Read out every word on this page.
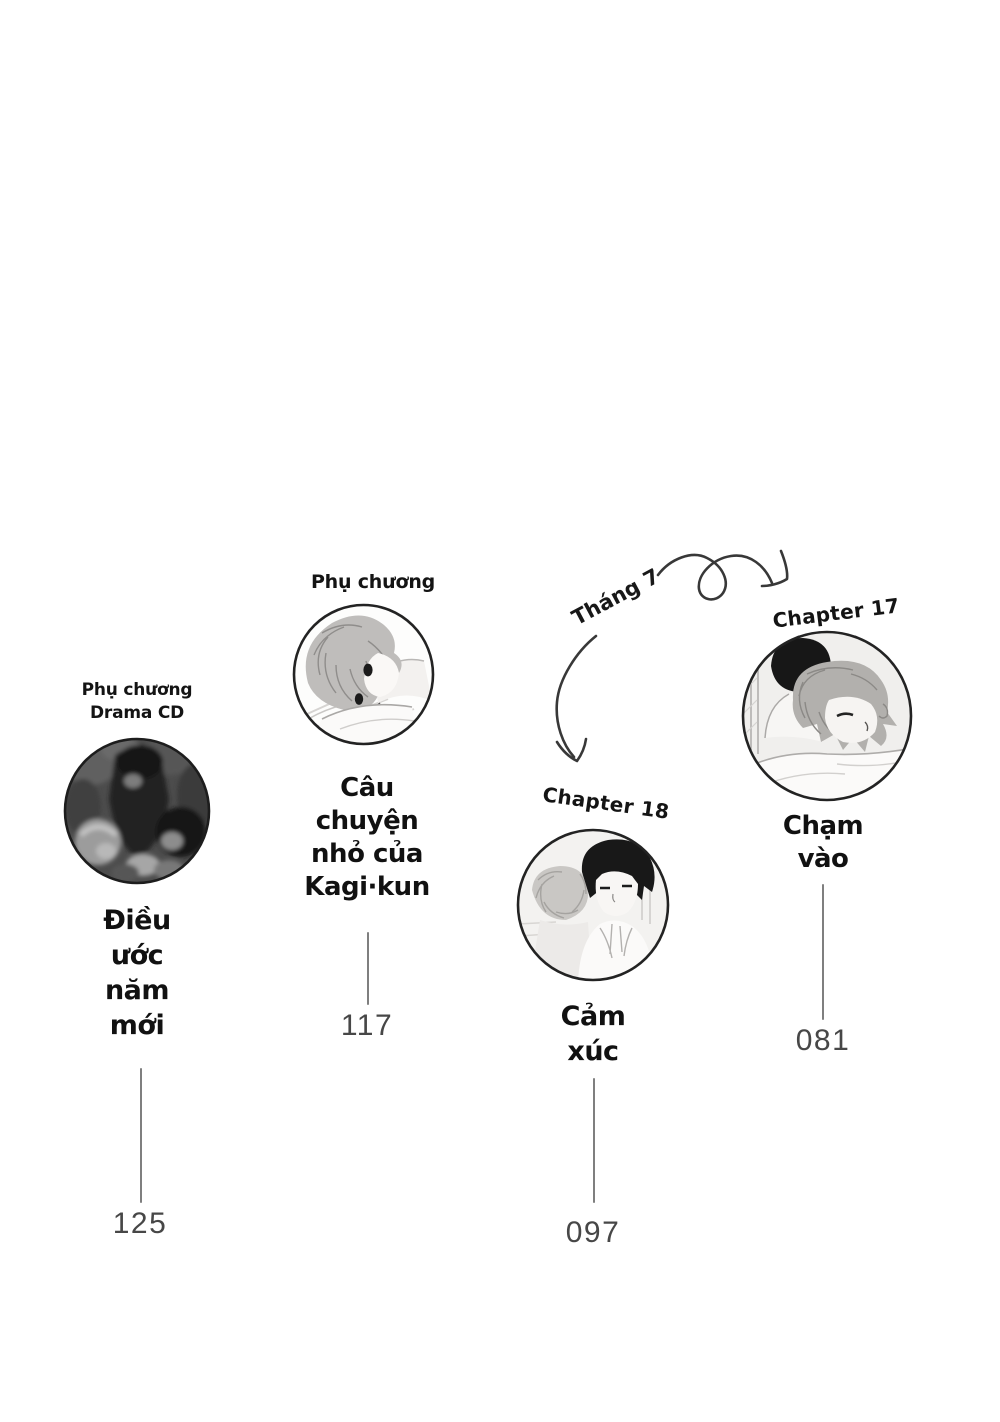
Tháng 7
Phụ chương
Drama CD
Điều
ước
năm
mới
125
Phụ chương
Câu
chuyện
nhỏ của
Kagi·kun
117
Chapter 18
Cảm
xúc
097
Chapter 17
Chạm
vào
081
